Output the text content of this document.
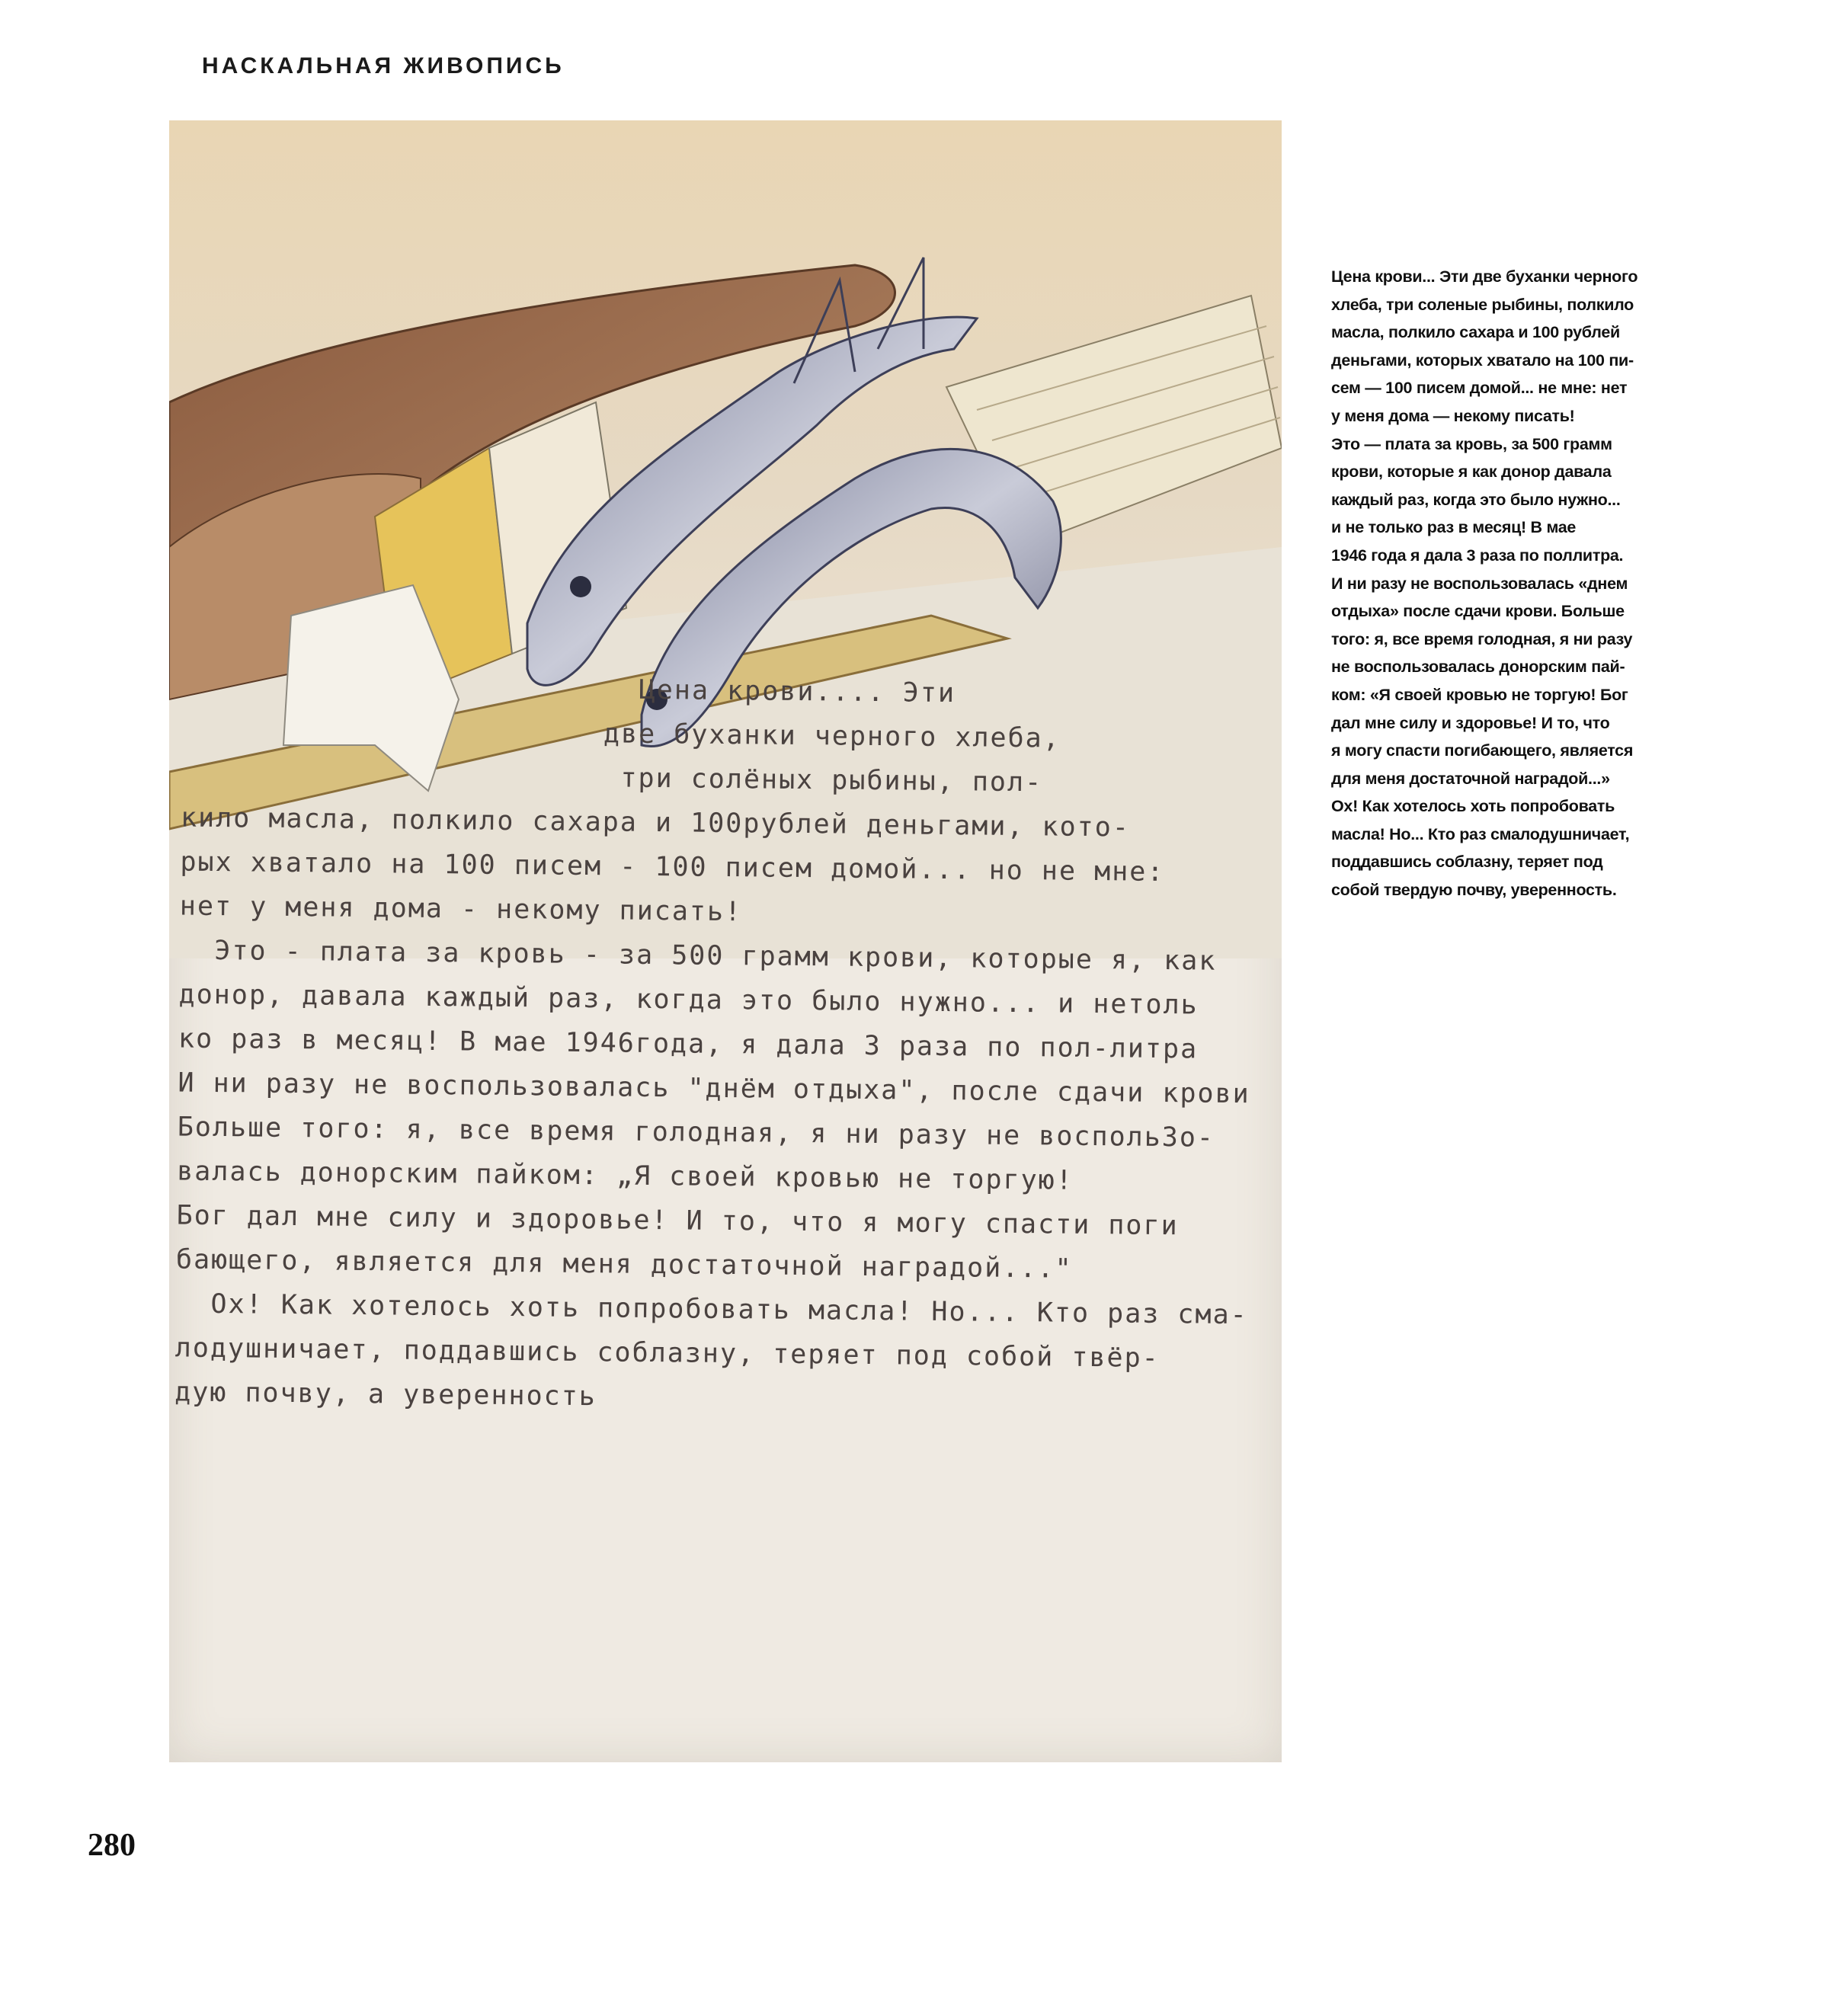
НАСКАЛЬНАЯ ЖИВОПИСЬ
Цена крови.... Эти
две буханки черного хлеба,
три солёных рыбины, пол-
кило масла, полкило сахара и 100рублей деньгами, кото-
рых хватало на 100 писем - 100 писем домой... но не мне:
нет у меня дома - некому писать!
Это - плата за кровь - за 500 грамм крови, которые я, как
донор, давала каждый раз, когда это было нужно... и нетоль
ко раз в месяц! В мае 1946года, я дала 3 раза по пол-литра
И ни разу не воспользовалась "днём отдыха", после сдачи крови
Больше того: я, все время голодная, я ни разу не воспольЗо-
валась донорским пайком: „Я своей кровью не торгую!
Бог дал мне силу и здоровье! И то, что я могу спасти поги
бающего, является для меня достаточной наградой..."
Ох! Как хотелось хоть попробовать масла! Но... Кто раз сма-
лодушничает, поддавшись соблазну, теряет под собой твёр-
дую почву, а уверенность
Цена крови... Эти две буханки черного
хлеба, три соленые рыбины, полкило
масла, полкило сахара и 100 рублей
деньгами, которых хватало на 100 пи-
сем — 100 писем домой... не мне: нет
у меня дома — некому писать!
Это — плата за кровь, за 500 грамм
крови, которые я как донор давала
каждый раз, когда это было нужно...
и не только раз в месяц! В мае
1946 года я дала 3 раза по поллитра.
И ни разу не воспользовалась «днем
отдыха» после сдачи крови. Больше
того: я, все время голодная, я ни разу
не воспользовалась донорским пай-
ком: «Я своей кровью не торгую! Бог
дал мне силу и здоровье! И то, что
я могу спасти погибающего, является
для меня достаточной наградой...»
Ох! Как хотелось хоть попробовать
масла! Но... Кто раз смалодушничает,
поддавшись соблазну, теряет под
собой твердую почву, уверенность.
280
